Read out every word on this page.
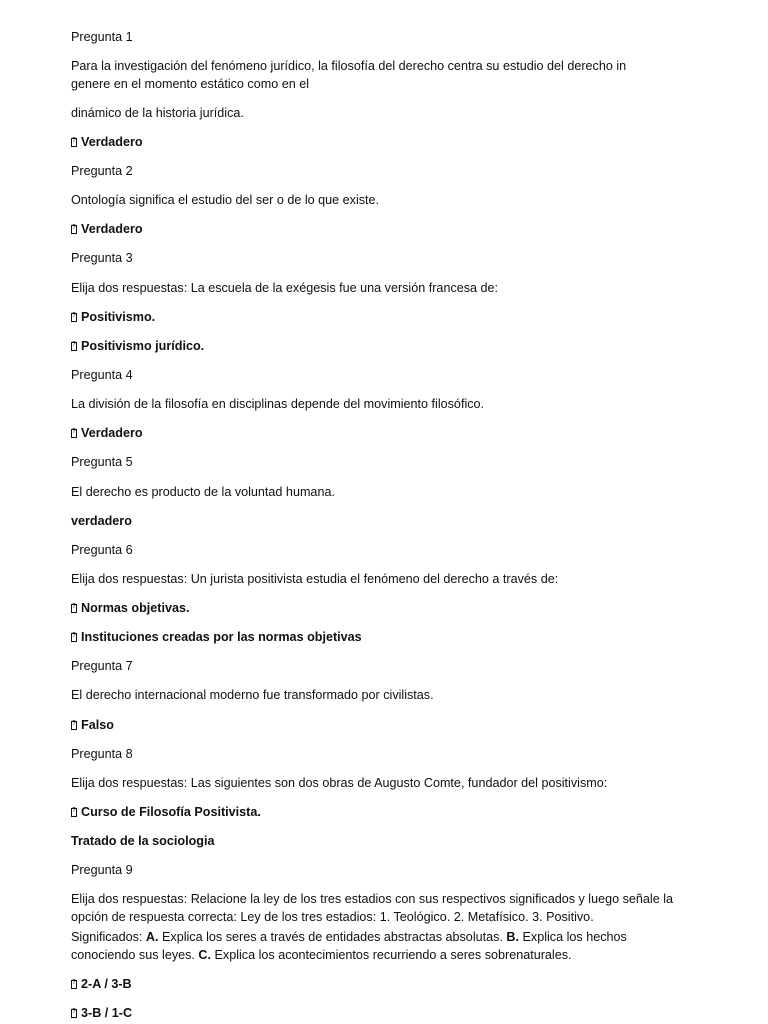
Pregunta 1
Para la investigación del fenómeno jurídico, la filosofía del derecho centra su estudio del derecho in
genere en el momento estático como en el
dinámico de la historia jurídica.
?Verdadero
Pregunta 2
Ontología significa el estudio del ser o de lo que existe.
?Verdadero
Pregunta 3
Elija dos respuestas: La escuela de la exégesis fue una versión francesa de:
?Positivismo.
?Positivismo jurídico.
Pregunta 4
La división de la filosofía en disciplinas depende del movimiento filosófico.
?Verdadero
Pregunta 5
El derecho es producto de la voluntad humana.
verdadero
Pregunta 6
Elija dos respuestas: Un jurista positivista estudia el fenómeno del derecho a través de:
?Normas objetivas.
?Instituciones creadas por las normas objetivas
Pregunta 7
El derecho internacional moderno fue transformado por civilistas.
?Falso
Pregunta 8
Elija dos respuestas: Las siguientes son dos obras de Augusto Comte, fundador del positivismo:
?Curso de Filosofía Positivista.
Tratado de la sociologia
Pregunta 9
Elija dos respuestas: Relacione la ley de los tres estadios con sus respectivos significados y luego señale la
opción de respuesta correcta: Ley de los tres estadios: 1. Teológico. 2. Metafísico. 3. Positivo.
Significados: A. Explica los seres a través de entidades abstractas absolutas. B. Explica los hechos
conociendo sus leyes. C. Explica los acontecimientos recurriendo a seres sobrenaturales.
?2-A / 3-B
?3-B / 1-C
